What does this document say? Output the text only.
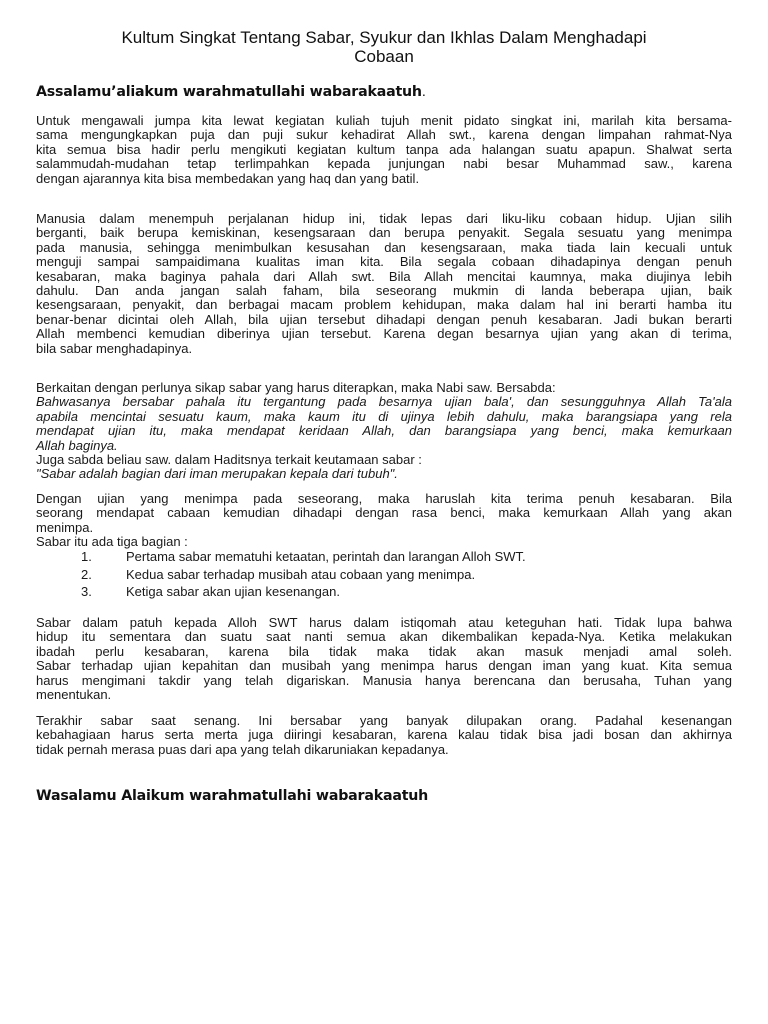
Kultum Singkat Tentang Sabar, Syukur dan Ikhlas Dalam Menghadapi
Cobaan
Assalamu’aliakum warahmatullahi wabarakaatuh.
Untuk mengawali jumpa kita lewat kegiatan kuliah tujuh menit pidato singkat ini, marilah kita bersama-
sama mengungkapkan puja dan puji sukur kehadirat Allah swt., karena dengan limpahan rahmat-Nya
kita semua bisa hadir perlu mengikuti kegiatan kultum tanpa ada halangan suatu apapun. Shalwat serta
salammudah-mudahan tetap terlimpahkan kepada junjungan nabi besar Muhammad saw., karena
dengan ajarannya kita bisa membedakan yang haq dan yang batil.
Manusia dalam menempuh perjalanan hidup ini, tidak lepas dari liku-liku cobaan hidup. Ujian silih
berganti, baik berupa kemiskinan, kesengsaraan dan berupa penyakit. Segala sesuatu yang menimpa
pada manusia, sehingga menimbulkan kesusahan dan kesengsaraan, maka tiada lain kecuali untuk
menguji sampai sampaidimana kualitas iman kita. Bila segala cobaan dihadapinya dengan penuh
kesabaran, maka baginya pahala dari Allah swt. Bila Allah mencitai kaumnya, maka diujinya lebih
dahulu. Dan anda jangan salah faham, bila seseorang mukmin di landa beberapa ujian, baik
kesengsaraan, penyakit, dan berbagai macam problem kehidupan, maka dalam hal ini berarti hamba itu
benar-benar dicintai oleh Allah, bila ujian tersebut dihadapi dengan penuh kesabaran. Jadi bukan berarti
Allah membenci kemudian diberinya ujian tersebut. Karena degan besarnya ujian yang akan di terima,
bila sabar menghadapinya.
Berkaitan dengan perlunya sikap sabar yang harus diterapkan, maka Nabi saw. Bersabda:
Bahwasanya bersabar pahala itu tergantung pada besarnya ujian bala', dan sesungguhnya Allah Ta'ala
apabila mencintai sesuatu kaum, maka kaum itu di ujinya lebih dahulu, maka barangsiapa yang rela
mendapat ujian itu, maka mendapat keridaan Allah, dan barangsiapa yang benci, maka kemurkaan
Allah baginya.
Juga sabda beliau saw. dalam Haditsnya terkait keutamaan sabar :
"Sabar adalah bagian dari iman merupakan kepala dari tubuh".
Dengan ujian yang menimpa pada seseorang, maka haruslah kita terima penuh kesabaran. Bila
seorang mendapat cabaan kemudian dihadapi dengan rasa benci, maka kemurkaan Allah yang akan
menimpa.
Sabar itu ada tiga bagian :
1.	Pertama sabar mematuhi ketaatan, perintah dan larangan Alloh SWT.
2.	Kedua sabar terhadap musibah atau cobaan yang menimpa.
3.	Ketiga sabar akan ujian kesenangan.
Sabar dalam patuh kepada Alloh SWT harus dalam istiqomah atau keteguhan hati. Tidak lupa bahwa
hidup itu sementara dan suatu saat nanti semua akan dikembalikan kepada-Nya. Ketika melakukan
ibadah perlu kesabaran, karena bila tidak maka tidak akan masuk menjadi amal soleh.
Sabar terhadap ujian kepahitan dan musibah yang menimpa harus dengan iman yang kuat. Kita semua
harus mengimani takdir yang telah digariskan. Manusia hanya berencana dan berusaha, Tuhan yang
menentukan.
Terakhir sabar saat senang. Ini bersabar yang banyak dilupakan orang. Padahal kesenangan
kebahagiaan harus serta merta juga diiringi kesabaran, karena kalau tidak bisa jadi bosan dan akhirnya
tidak pernah merasa puas dari apa yang telah dikaruniakan kepadanya.
Wasalamu Alaikum warahmatullahi wabarakaatuh
